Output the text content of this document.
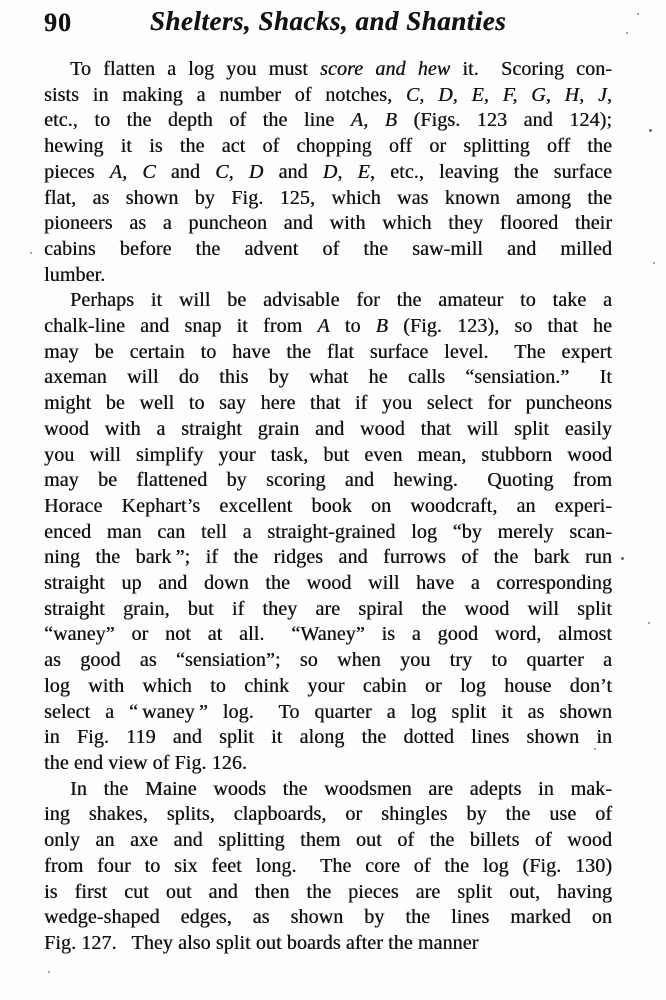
90	Shelters, Shacks, and Shanties
To flatten a log you must score and hew it.  Scoring con-
sists in making a number of notches, C, D, E, F, G, H, J,
etc., to the depth of the line A, B (Figs. 123 and 124);
hewing it is the act of chopping off or splitting off the
pieces A, C and C, D and D, E, etc., leaving the surface
flat, as shown by Fig. 125, which was known among the
pioneers as a puncheon and with which they floored their
cabins before the advent of the saw-mill and milled
lumber.
Perhaps it will be advisable for the amateur to take a
chalk-line and snap it from A to B (Fig. 123), so that he
may be certain to have the flat surface level.  The expert
axeman will do this by what he calls “sensiation.”  It
might be well to say here that if you select for puncheons
wood with a straight grain and wood that will split easily
you will simplify your task, but even mean, stubborn wood
may be flattened by scoring and hewing.  Quoting from
Horace Kephart’s excellent book on woodcraft, an experi-
enced man can tell a straight-grained log “by merely scan-
ning the bark ”; if the ridges and furrows of the bark run
straight up and down the wood will have a corresponding
straight grain, but if they are spiral the wood will split
“waney” or not at all.  “Waney” is a good word, almost
as good as “sensiation”; so when you try to quarter a
log with which to chink your cabin or log house don’t
select a “ waney ” log.  To quarter a log split it as shown
in Fig. 119 and split it along the dotted lines shown in
the end view of Fig. 126.
In the Maine woods the woodsmen are adepts in mak-
ing shakes, splits, clapboards, or shingles by the use of
only an axe and splitting them out of the billets of wood
from four to six feet long.  The core of the log (Fig. 130)
is first cut out and then the pieces are split out, having
wedge-shaped edges, as shown by the lines marked on
Fig. 127.  They also split out boards after the manner
